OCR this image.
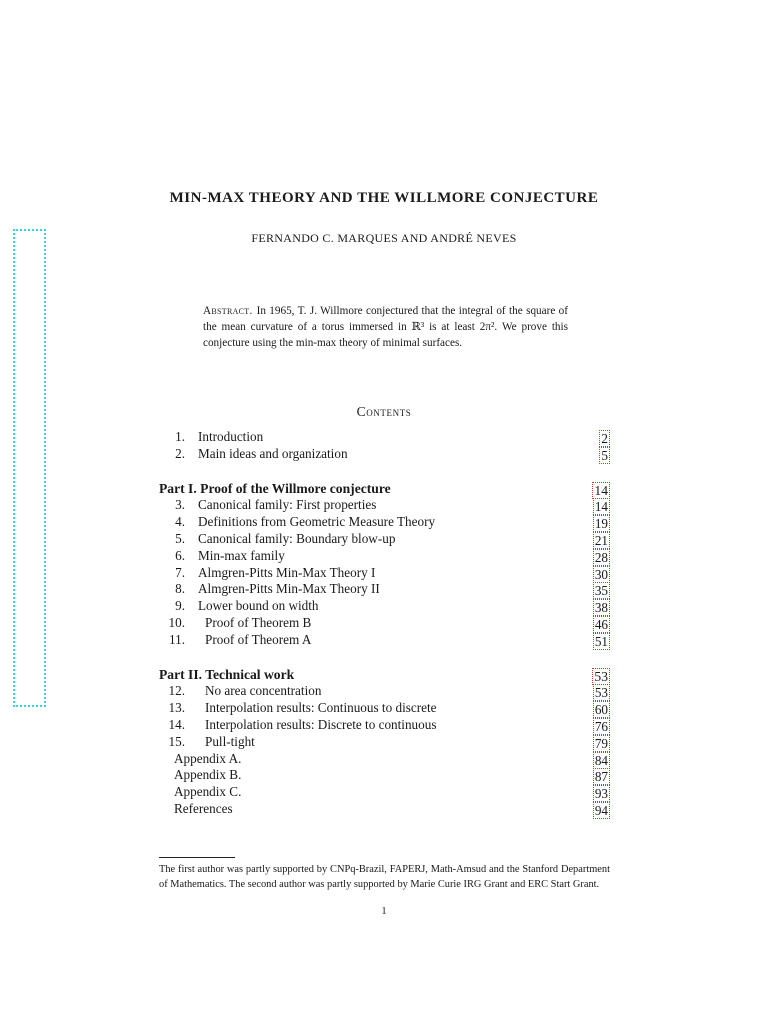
MIN-MAX THEORY AND THE WILLMORE CONJECTURE
FERNANDO C. MARQUES AND ANDRÉ NEVES
Abstract. In 1965, T. J. Willmore conjectured that the integral of the square of the mean curvature of a torus immersed in ℝ³ is at least 2π². We prove this conjecture using the min-max theory of minimal surfaces.
Contents
1. Introduction	2
2. Main ideas and organization	5
Part I. Proof of the Willmore conjecture	14
3. Canonical family: First properties	14
4. Definitions from Geometric Measure Theory	19
5. Canonical family: Boundary blow-up	21
6. Min-max family	28
7. Almgren-Pitts Min-Max Theory I	30
8. Almgren-Pitts Min-Max Theory II	35
9. Lower bound on width	38
10. Proof of Theorem B	46
11. Proof of Theorem A	51
Part II. Technical work	53
12. No area concentration	53
13. Interpolation results: Continuous to discrete	60
14. Interpolation results: Discrete to continuous	76
15. Pull-tight	79
Appendix A.	84
Appendix B.	87
Appendix C.	93
References	94
The first author was partly supported by CNPq-Brazil, FAPERJ, Math-Amsud and the Stanford Department of Mathematics. The second author was partly supported by Marie Curie IRG Grant and ERC Start Grant.
1
